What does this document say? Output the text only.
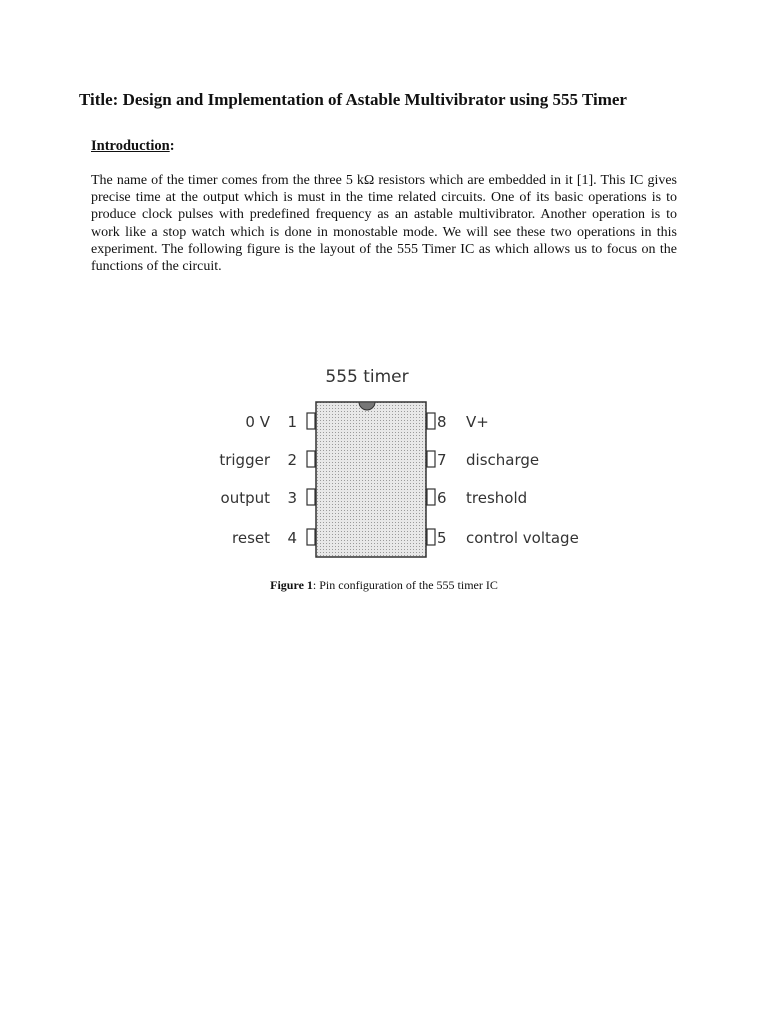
Title: Design and Implementation of Astable Multivibrator using 555 Timer
Introduction:
The name of the timer comes from the three 5 kΩ resistors which are embedded in it [1]. This IC gives precise time at the output which is must in the time related circuits. One of its basic operations is to produce clock pulses with predefined frequency as an astable multivibrator. Another operation is to work like a stop watch which is done in monostable mode. We will see these two operations in this experiment. The following figure is the layout of the 555 Timer IC as which allows us to focus on the functions of the circuit.
555 timer
1
2
3
4
0 V
trigger
output
reset
8
7
6
5
V+
discharge
treshold
control voltage
Figure 1: Pin configuration of the 555 timer IC
